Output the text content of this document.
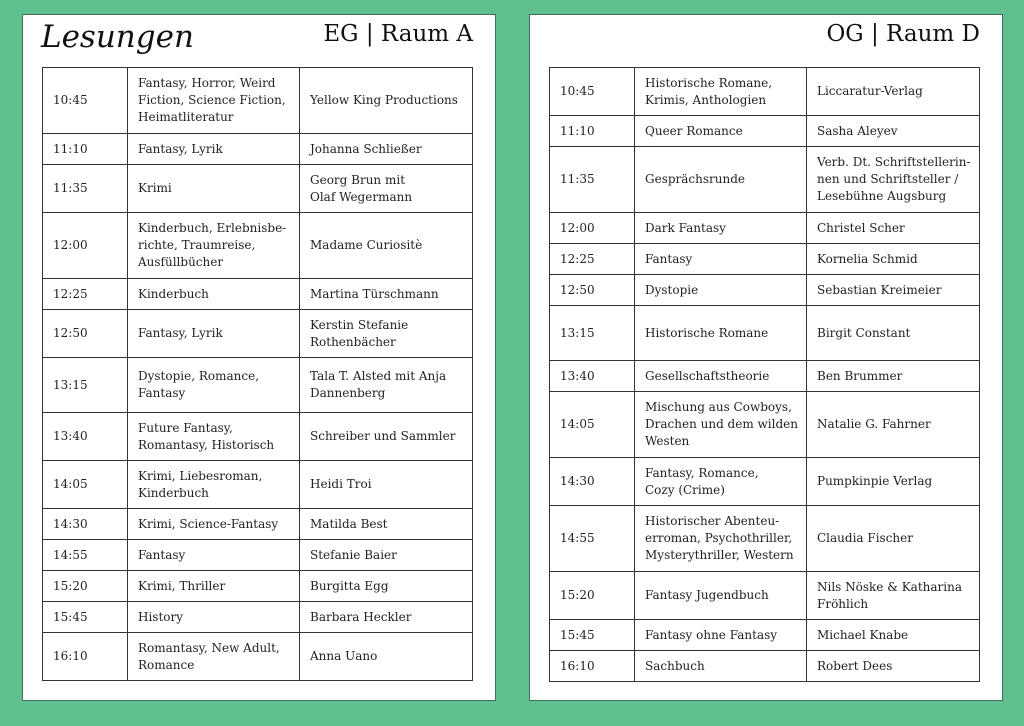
Lesungen	EG | Raum A
10:45	Fantasy, Horror, Weird
Fiction, Science Fiction,
Heimatliteratur	Yellow King Productions
11:10	Fantasy, Lyrik	Johanna Schließer
11:35	Krimi	Georg Brun mit
Olaf Wegermann
12:00	Kinderbuch, Erlebnisbe-
richte, Traumreise,
Ausfüllbücher	Madame Curiositè
12:25	Kinderbuch	Martina Türschmann
12:50	Fantasy, Lyrik	Kerstin Stefanie
Rothenbächer
13:15	Dystopie, Romance,
Fantasy	Tala T. Alsted mit Anja
Dannenberg
13:40	Future Fantasy,
Romantasy, Historisch	Schreiber und Sammler
14:05	Krimi, Liebesroman,
Kinderbuch	Heidi Troi
14:30	Krimi, Science-Fantasy	Matilda Best
14:55	Fantasy	Stefanie Baier
15:20	Krimi, Thriller	Burgitta Egg
15:45	History	Barbara Heckler
16:10	Romantasy, New Adult,
Romance	Anna Uano
OG | Raum D
10:45	Historische Romane,
Krimis, Anthologien	Liccaratur-Verlag
11:10	Queer Romance	Sasha Aleyev
11:35	Gesprächsrunde	Verb. Dt. Schriftstellerin-
nen und Schriftsteller /
Lesebühne Augsburg
12:00	Dark Fantasy	Christel Scher
12:25	Fantasy	Kornelia Schmid
12:50	Dystopie	Sebastian Kreimeier
13:15	Historische Romane	Birgit Constant
13:40	Gesellschaftstheorie	Ben Brummer
14:05	Mischung aus Cowboys,
Drachen und dem wilden
Westen	Natalie G. Fahrner
14:30	Fantasy, Romance,
Cozy (Crime)	Pumpkinpie Verlag
14:55	Historischer Abenteu-
erroman, Psychothriller,
Mysterythriller, Western	Claudia Fischer
15:20	Fantasy Jugendbuch	Nils Nöske & Katharina
Fröhlich
15:45	Fantasy ohne Fantasy	Michael Knabe
16:10	Sachbuch	Robert Dees
